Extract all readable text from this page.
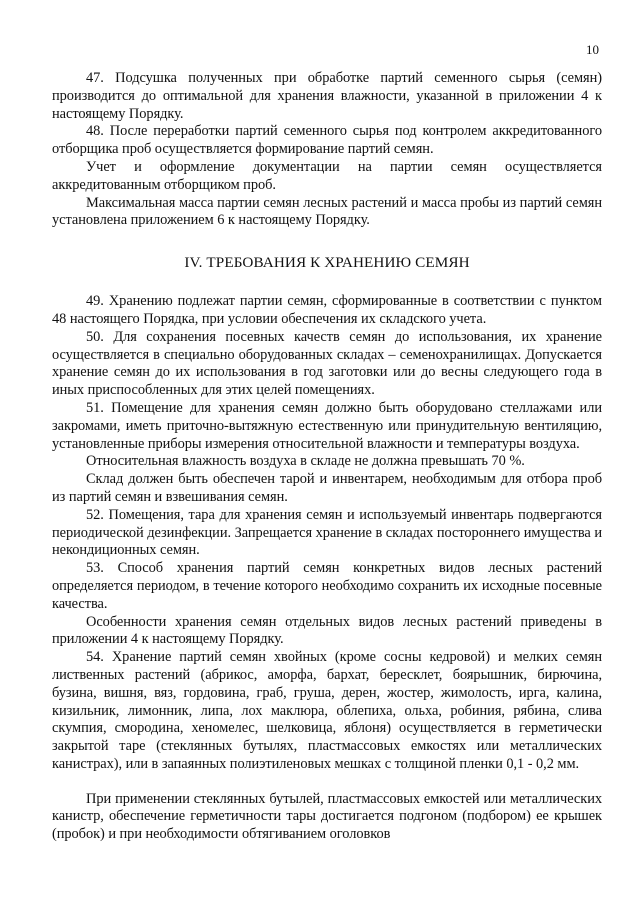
10

47. Подсушка полученных при обработке партий семенного сырья (семян) производится до оптимальной для хранения влажности, указанной в приложении 4 к настоящему Порядку.

48. После переработки партий семенного сырья под контролем аккредитованного отборщика проб осуществляется формирование партий семян.

Учет и оформление документации на партии семян осуществляется аккредитованным отборщиком проб.

Максимальная масса партии семян лесных растений и масса пробы из партий семян установлена приложением 6 к настоящему Порядку.

IV. ТРЕБОВАНИЯ К ХРАНЕНИЮ СЕМЯН

49. Хранению подлежат партии семян, сформированные в соответствии с пунктом 48 настоящего Порядка, при условии обеспечения их складского учета.

50. Для сохранения посевных качеств семян до использования, их хранение осуществляется в специально оборудованных складах – семенохранилищах. Допускается хранение семян до их использования в год заготовки или до весны следующего года в иных приспособленных для этих целей помещениях.

51. Помещение для хранения семян должно быть оборудовано стеллажами или закромами, иметь приточно-вытяжную естественную или принудительную вентиляцию, установленные приборы измерения относительной влажности и температуры воздуха.

Относительная влажность воздуха в складе не должна превышать 70 %.

Склад должен быть обеспечен тарой и инвентарем, необходимым для отбора проб из партий семян и взвешивания семян.

52. Помещения, тара для хранения семян и используемый инвентарь подвергаются периодической дезинфекции. Запрещается хранение в складах постороннего имущества и некондиционных семян.

53. Способ хранения партий семян конкретных видов лесных растений определяется периодом, в течение которого необходимо сохранить их исходные посевные качества.

Особенности хранения семян отдельных видов лесных растений приведены в приложении 4 к настоящему Порядку.

54. Хранение партий семян хвойных (кроме сосны кедровой) и мелких семян лиственных растений (абрикос, аморфа, бархат, бересклет, боярышник, бирючина, бузина, вишня, вяз, гордовина, граб, груша, дерен, жостер, жимолость, ирга, калина, кизильник, лимонник, липа, лох маклюра, облепиха, ольха, робиния, рябина, слива скумпия, смородина, хеномелес, шелковица, яблоня) осуществляется в герметически закрытой таре (стеклянных бутылях, пластмассовых емкостях или металлических канистрах), или в запаянных полиэтиленовых мешках с толщиной пленки 0,1 - 0,2 мм.

При применении стеклянных бутылей, пластмассовых емкостей или металлических канистр, обеспечение герметичности тары достигается подгоном (подбором) ее крышек (пробок) и при необходимости обтягиванием оголовков
